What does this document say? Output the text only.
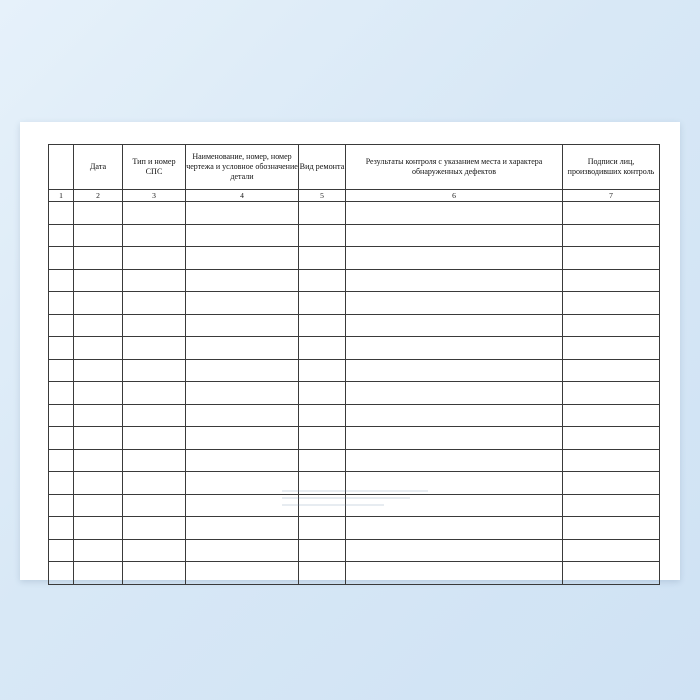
	Дата	Тип и номер СПС	Наименование, номер, номер чертежа и условное обозначение детали	Вид ремонта	Результаты контроля с указанием места и характера обнаруженных дефектов	Подписи лиц, производивших контроль
1	2	3	4	5	6	7
